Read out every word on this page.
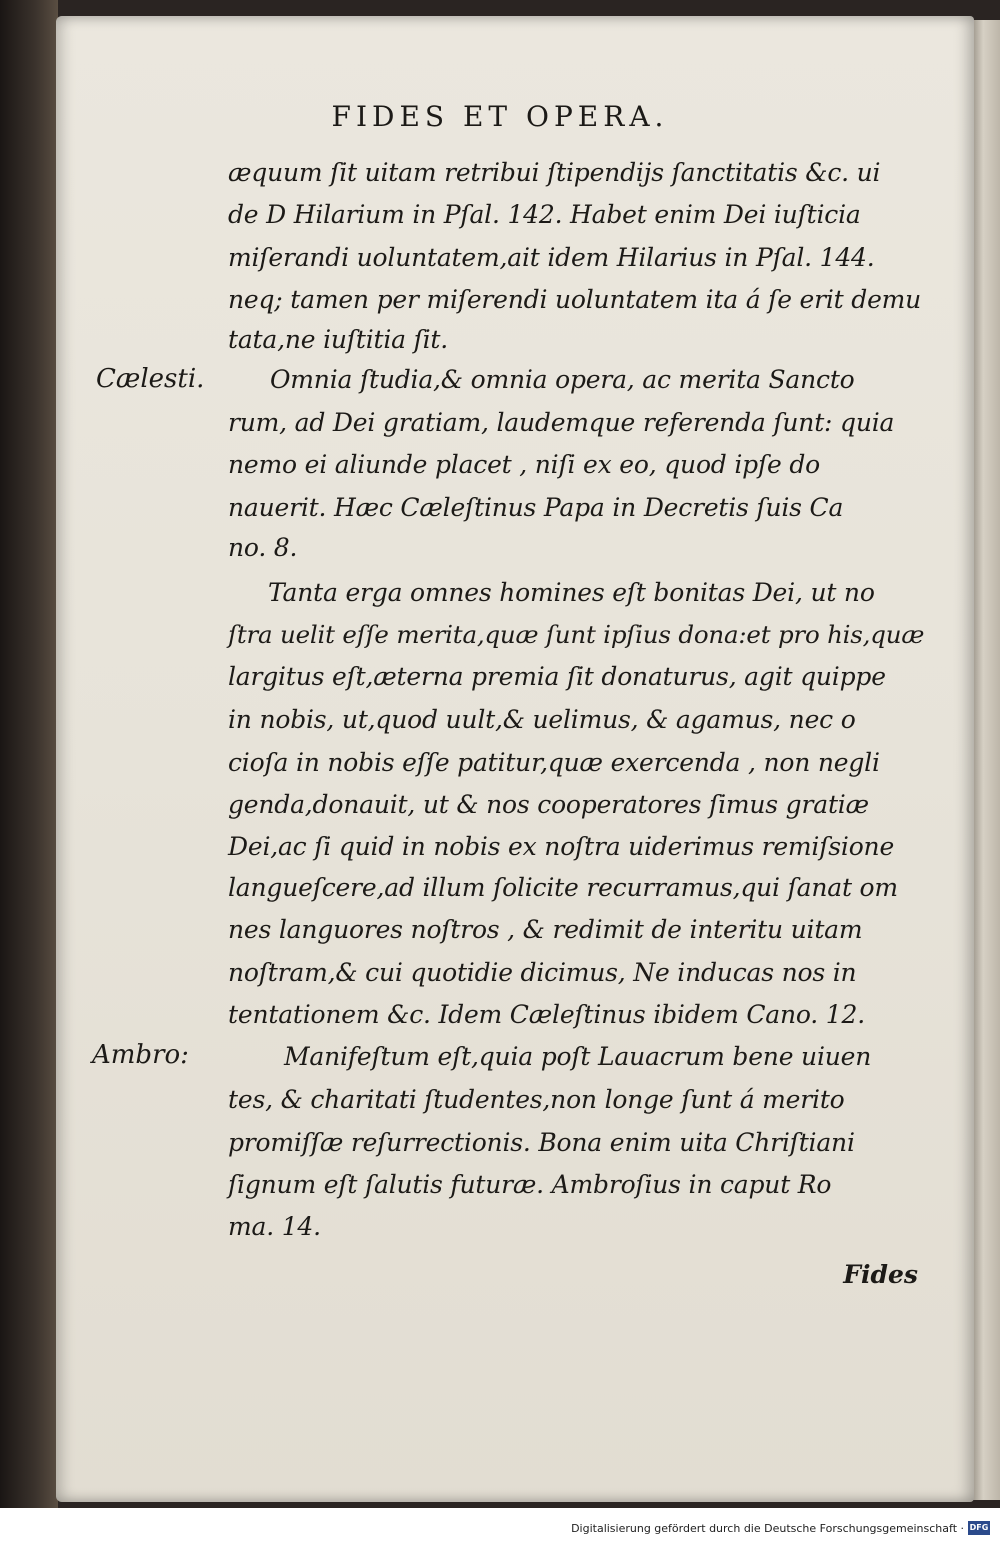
FIDES ET OPERA.
æquum ſit uitam retribui ſtipendijs ſanctitatis &c. ui
de D Hilarium in Pſal. 142. Habet enim Dei iuſticia
miſerandi uoluntatem,ait idem Hilarius in Pſal. 144.
neq; tamen per miſerendi uoluntatem ita á ſe erit demu
tata,ne iuſtitia ſit.
Cælesti.	Omnia ſtudia,& omnia opera, ac merita Sancto
rum, ad Dei gratiam, laudemque referenda ſunt: quia
nemo ei aliunde placet , niſi ex eo, quod ipſe do
nauerit. Hæc Cæleſtinus Papa in Decretis ſuis Ca
no. 8.
Tanta erga omnes homines eſt bonitas Dei, ut no
ſtra uelit eſſe merita,quæ ſunt ipſius dona:et pro his,quæ
largitus eſt,æterna premia ſit donaturus, agit quippe
in nobis, ut,quod uult,& uelimus, & agamus, nec o
cioſa in nobis eſſe patitur,quæ exercenda , non negli
genda,donauit, ut & nos cooperatores ſimus gratiæ
Dei,ac ſi quid in nobis ex noſtra uiderimus remiſsione
langueſcere,ad illum ſolicite recurramus,qui ſanat om
nes languores noſtros , & redimit de interitu uitam
noſtram,& cui quotidie dicimus, Ne inducas nos in
tentationem &c. Idem Cæleſtinus ibidem Cano. 12.
Ambro:	Manifeſtum eſt,quia poſt Lauacrum bene uiuen
tes, & charitati ſtudentes,non longe ſunt á merito
promiſſæ reſurrectionis. Bona enim uita Chriſtiani
ſignum eſt ſalutis futuræ. Ambroſius in caput Ro
ma. 14.
Fides
Digitalisierung gefördert durch die Deutsche Forschungsgemeinschaft · DFG
